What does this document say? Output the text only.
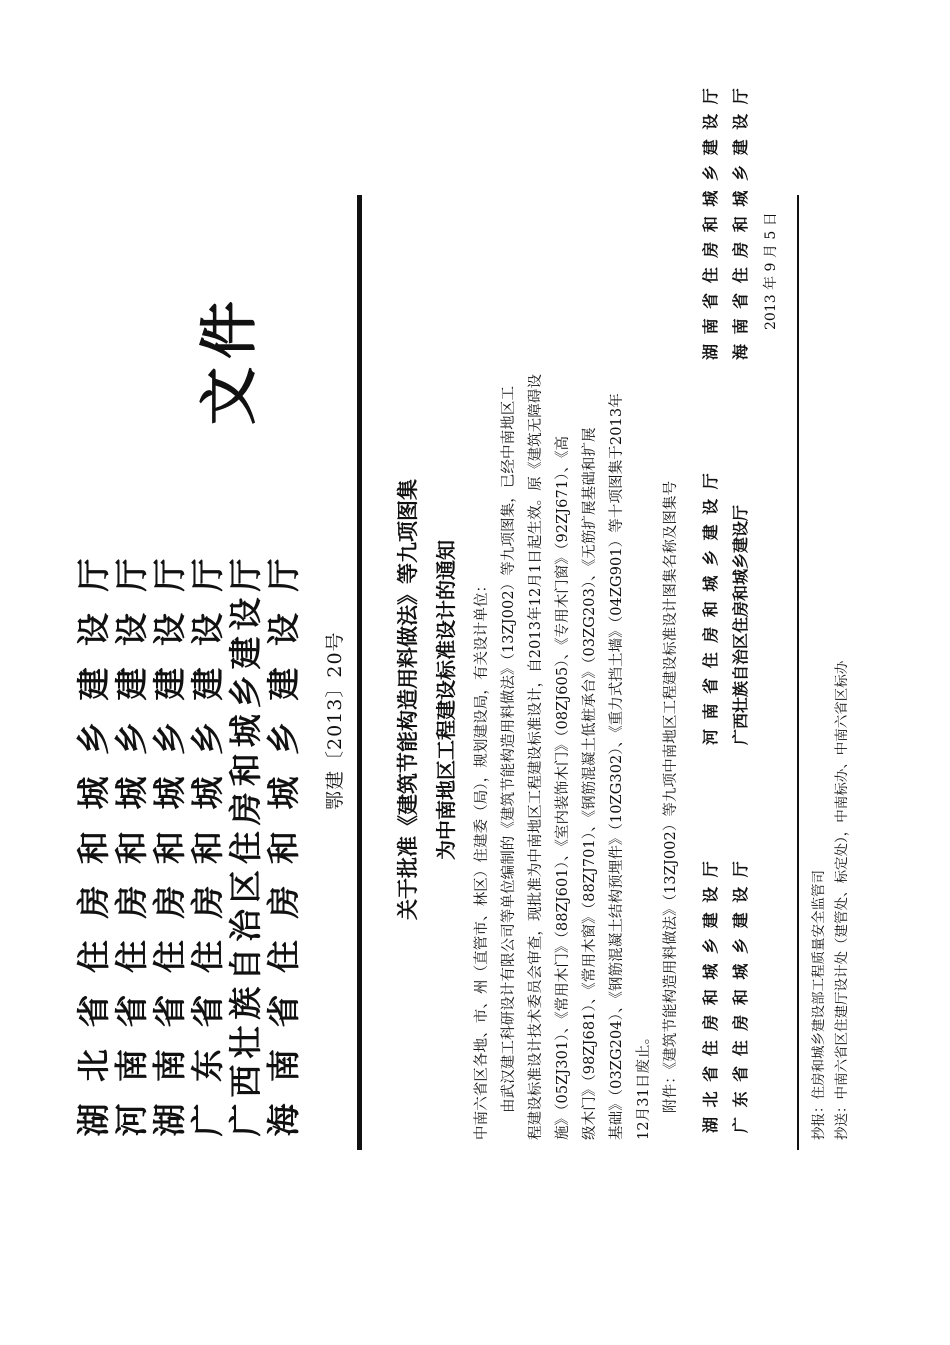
湖
北
省
住
房
和
城
乡
建
设
厅
河
南
省
住
房
和
城
乡
建
设
厅
湖
南
省
住
房
和
城
乡
建
设
厅
广
东
省
住
房
和
城
乡
建
设
厅
广
西
壮
族
自
治
区
住
房
和
城
乡
建
设
厅
海
南
省
住
房
和
城
乡
建
设
厅
文件
鄂建〔2013〕20号 关于批准《建筑节能构造用料做法》等九项图集 为中南地区工程建设标准设计的通知 中南六省区各地、市、州（直管市、林区）住建委（局），规划建设局，有关设计单位： 由武汉建工科研设计有限公司等单位编制的《建筑节能构造用料做法》（13ZJ002）等九项图集，已经中南地区工 程建设标准设计技术委员会审查，现批准为中南地区工程建设标准设计，自2013年12月1日起生效。原《建筑无障碍设 施》（05ZJ301）、《常用木门》（88ZJ601）、《室内装饰木门》（08ZJ605）、《专用木门窗》（92ZJ671）、《高 级木门》（98ZJ681）、《常用木窗》（88ZJ701）、《钢筋混凝土低桩承台》（03ZG203）、《无筋扩展基础和扩展 基础》（03ZG204）、《钢筋混凝土结构预埋件》（10ZG302）、《重力式挡土墙》（04ZG901）等十项图集于2013年 12月31日废止。 附件：《建筑节能构造用料做法》（13ZJ002）等九项中南地区工程建设标准设计图集名称及图集号 湖 北 省 住 房 和 城 乡 建 设 厅
河 南 省 住 房 和 城 乡 建 设 厅
湖 南 省 住 房 和 城 乡 建 设 厅
广 东 省 住 房 和 城 乡 建 设 厅
广西壮族自治区住房和城乡建设厅
海 南 省 住 房 和 城 乡 建 设 厅 2013 年 9 月 5 日
抄报：住房和城乡建设部工程质量安全监管司 抄送：中南六省区住建厅设计处（建管处、标定处），中南标办、中南六省区标办
